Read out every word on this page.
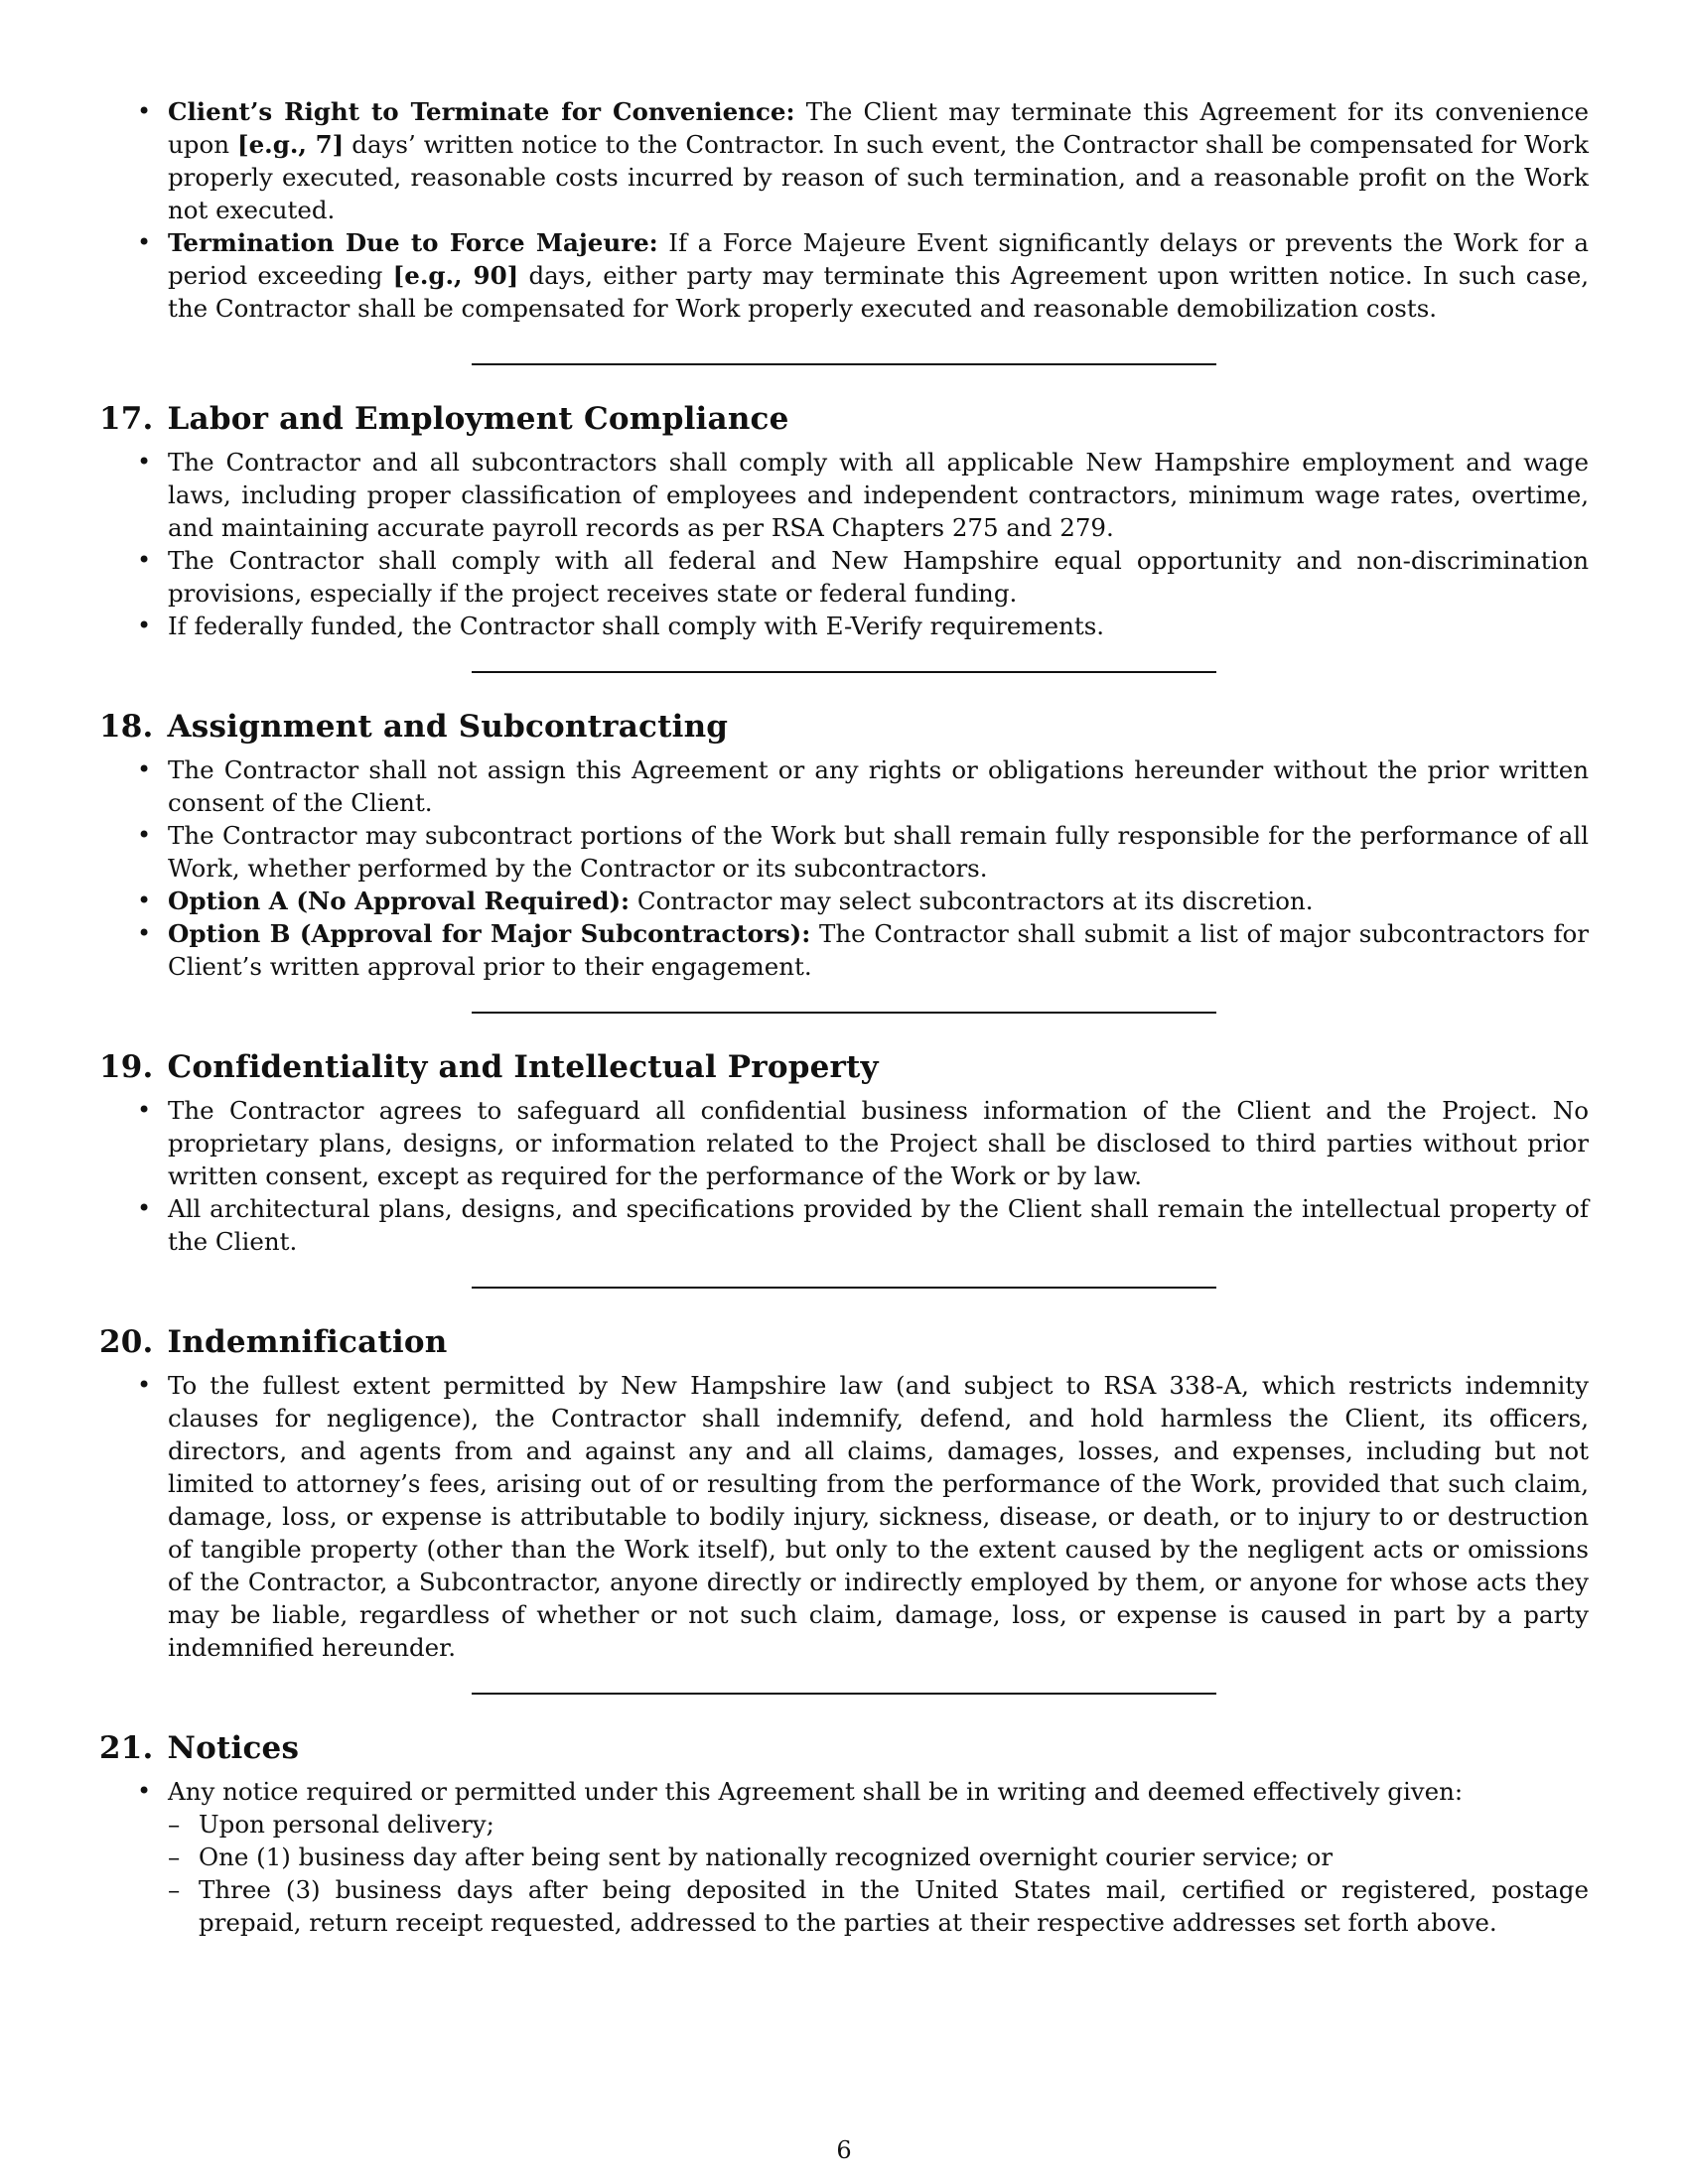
• Client’s Right to Terminate for Convenience: The Client may terminate this Agreement for its convenience upon [e.g., 7] days’ written notice to the Contractor. In such event, the Contractor shall be compensated for Work properly executed, reasonable costs incurred by reason of such termination, and a reasonable profit on the Work not executed.
• Termination Due to Force Majeure: If a Force Majeure Event significantly delays or prevents the Work for a period exceeding [e.g., 90] days, either party may terminate this Agreement upon written notice. In such case, the Contractor shall be compensated for Work properly executed and reasonable demobilization costs.
17. Labor and Employment Compliance
• The Contractor and all subcontractors shall comply with all applicable New Hampshire employment and wage laws, including proper classification of employees and independent contractors, minimum wage rates, overtime, and maintaining accurate payroll records as per RSA Chapters 275 and 279.
• The Contractor shall comply with all federal and New Hampshire equal opportunity and non-discrimination provisions, especially if the project receives state or federal funding.
• If federally funded, the Contractor shall comply with E-Verify requirements.
18. Assignment and Subcontracting
• The Contractor shall not assign this Agreement or any rights or obligations hereunder without the prior written consent of the Client.
• The Contractor may subcontract portions of the Work but shall remain fully responsible for the performance of all Work, whether performed by the Contractor or its subcontractors.
• Option A (No Approval Required): Contractor may select subcontractors at its discretion.
• Option B (Approval for Major Subcontractors): The Contractor shall submit a list of major subcontractors for Client’s written approval prior to their engagement.
19. Confidentiality and Intellectual Property
• The Contractor agrees to safeguard all confidential business information of the Client and the Project. No proprietary plans, designs, or information related to the Project shall be disclosed to third parties without prior written consent, except as required for the performance of the Work or by law.
• All architectural plans, designs, and specifications provided by the Client shall remain the intellectual property of the Client.
20. Indemnification
• To the fullest extent permitted by New Hampshire law (and subject to RSA 338-A, which restricts indemnity clauses for negligence), the Contractor shall indemnify, defend, and hold harmless the Client, its officers, directors, and agents from and against any and all claims, damages, losses, and expenses, including but not limited to attorney’s fees, arising out of or resulting from the performance of the Work, provided that such claim, damage, loss, or expense is attributable to bodily injury, sickness, disease, or death, or to injury to or destruction of tangible property (other than the Work itself), but only to the extent caused by the negligent acts or omissions of the Contractor, a Subcontractor, anyone directly or indirectly employed by them, or anyone for whose acts they may be liable, regardless of whether or not such claim, damage, loss, or expense is caused in part by a party indemnified hereunder.
21. Notices
• Any notice required or permitted under this Agreement shall be in writing and deemed effectively given:
– Upon personal delivery;
– One (1) business day after being sent by nationally recognized overnight courier service; or
– Three (3) business days after being deposited in the United States mail, certified or registered, postage prepaid, return receipt requested, addressed to the parties at their respective addresses set forth above.
6
